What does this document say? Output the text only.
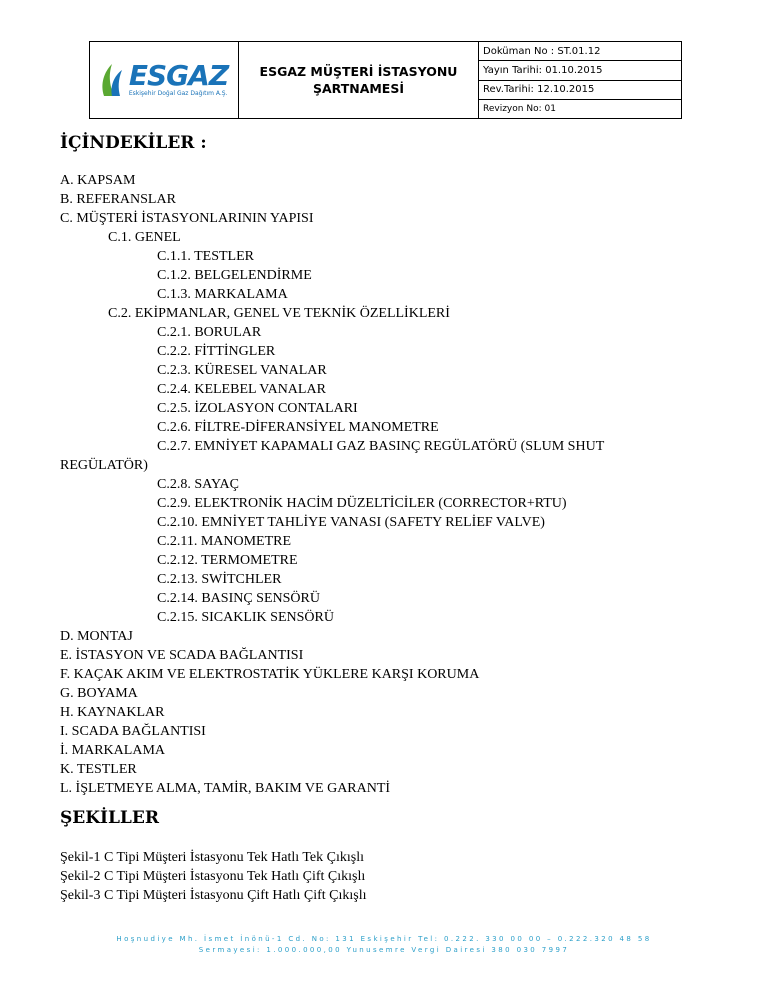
ESGAZ
Eskişehir Doğal Gaz Dağıtım A.Ş.
ESGAZ MÜŞTERİ İSTASYONU
ŞARTNAMESİ
Doküman No : ST.01.12
Yayın Tarihi: 01.10.2015
Rev.Tarihi: 12.10.2015
Revizyon No: 01
İÇİNDEKİLER :
A. KAPSAM
B. REFERANSLAR
C. MÜŞTERİ İSTASYONLARININ YAPISI
C.1. GENEL
C.1.1. TESTLER
C.1.2. BELGELENDİRME
C.1.3. MARKALAMA
C.2. EKİPMANLAR, GENEL VE TEKNİK ÖZELLİKLERİ
C.2.1. BORULAR
C.2.2. FİTTİNGLER
C.2.3. KÜRESEL VANALAR
C.2.4. KELEBEL VANALAR
C.2.5. İZOLASYON CONTALARI
C.2.6. FİLTRE-DİFERANSİYEL MANOMETRE
C.2.7. EMNİYET KAPAMALI GAZ BASINÇ REGÜLATÖRÜ (SLUM SHUT
REGÜLATÖR)
C.2.8. SAYAÇ
C.2.9. ELEKTRONİK HACİM DÜZELTİCİLER (CORRECTOR+RTU)
C.2.10. EMNİYET TAHLİYE VANASI (SAFETY RELİEF VALVE)
C.2.11. MANOMETRE
C.2.12. TERMOMETRE
C.2.13. SWİTCHLER
C.2.14. BASINÇ SENSÖRÜ
C.2.15. SICAKLIK SENSÖRÜ
D. MONTAJ
E. İSTASYON VE SCADA BAĞLANTISI
F. KAÇAK AKIM VE ELEKTROSTATİK YÜKLERE KARŞI KORUMA
G. BOYAMA
H. KAYNAKLAR
I. SCADA BAĞLANTISI
İ. MARKALAMA
K. TESTLER
L. İŞLETMEYE ALMA, TAMİR, BAKIM VE GARANTİ
ŞEKİLLER
Şekil-1 C Tipi Müşteri İstasyonu Tek Hatlı Tek Çıkışlı
Şekil-2 C Tipi Müşteri İstasyonu Tek Hatlı Çift Çıkışlı
Şekil-3 C Tipi Müşteri İstasyonu Çift Hatlı Çift Çıkışlı
Hoşnudiye Mh. İsmet İnönü-1 Cd. No: 131 Eskişehir Tel: 0.222. 330 00 00 – 0.222.320 48 58
Sermayesi: 1.000.000,00 Yunusemre Vergi Dairesi 380 030 7997
